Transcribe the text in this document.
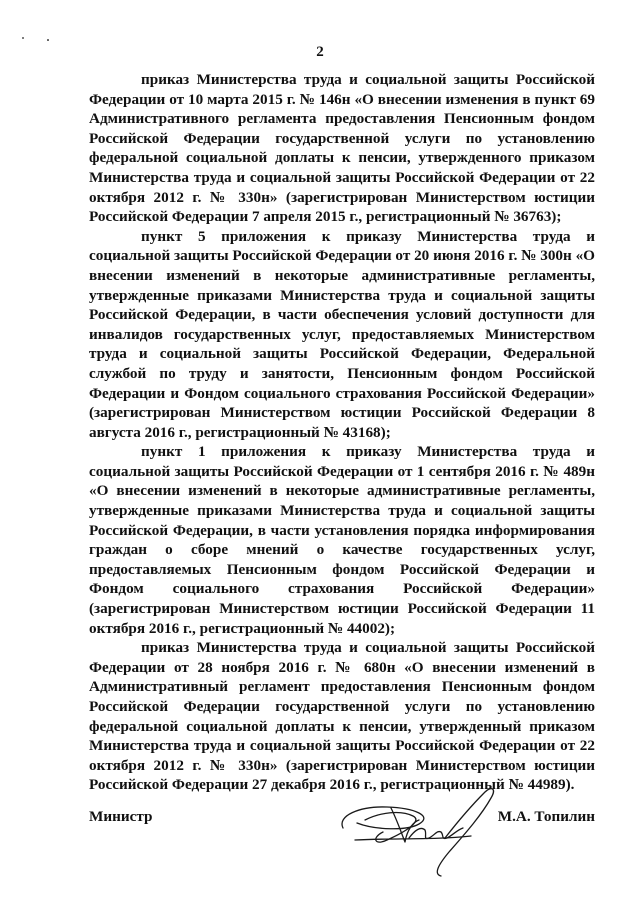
2

приказ Министерства труда и социальной защиты Российской Федерации от 10 марта 2015 г. № 146н «О внесении изменения в пункт 69 Административного регламента предоставления Пенсионным фондом Российской Федерации государственной услуги по установлению федеральной социальной доплаты к пенсии, утвержденного приказом Министерства труда и социальной защиты Российской Федерации от 22 октября 2012 г. № 330н» (зарегистрирован Министерством юстиции Российской Федерации 7 апреля 2015 г., регистрационный № 36763);

пункт 5 приложения к приказу Министерства труда и социальной защиты Российской Федерации от 20 июня 2016 г. № 300н «О внесении изменений в некоторые административные регламенты, утвержденные приказами Министерства труда и социальной защиты Российской Федерации, в части обеспечения условий доступности для инвалидов государственных услуг, предоставляемых Министерством труда и социальной защиты Российской Федерации, Федеральной службой по труду и занятости, Пенсионным фондом Российской Федерации и Фондом социального страхования Российской Федерации» (зарегистрирован Министерством юстиции Российской Федерации 8 августа 2016 г., регистрационный № 43168);

пункт 1 приложения к приказу Министерства труда и социальной защиты Российской Федерации от 1 сентября 2016 г. № 489н «О внесении изменений в некоторые административные регламенты, утвержденные приказами Министерства труда и социальной защиты Российской Федерации, в части установления порядка информирования граждан о сборе мнений о качестве государственных услуг, предоставляемых Пенсионным фондом Российской Федерации и Фондом социального страхования Российской Федерации» (зарегистрирован Министерством юстиции Российской Федерации 11 октября 2016 г., регистрационный № 44002);

приказ Министерства труда и социальной защиты Российской Федерации от 28 ноября 2016 г. № 680н «О внесении изменений в Административный регламент предоставления Пенсионным фондом Российской Федерации государственной услуги по установлению федеральной социальной доплаты к пенсии, утвержденный приказом Министерства труда и социальной защиты Российской Федерации от 22 октября 2012 г. № 330н» (зарегистрирован Министерством юстиции Российской Федерации 27 декабря 2016 г., регистрационный № 44989).

Министр	М.А. Топилин
